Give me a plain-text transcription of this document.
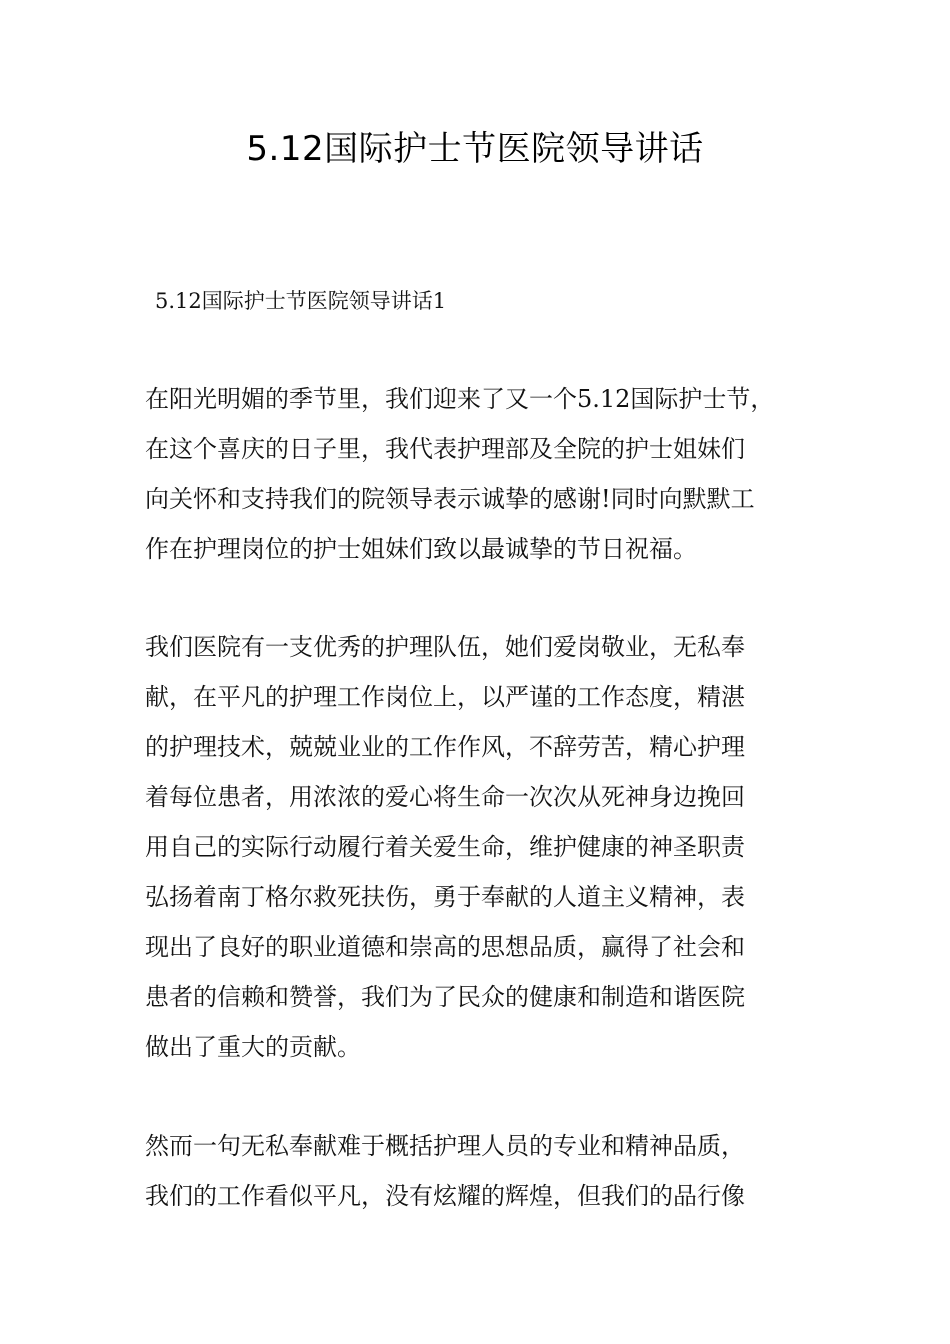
5.12国际护士节医院领导讲话
5.12国际护士节医院领导讲话1
在阳光明媚的季节里，我们迎来了又一个5.12国际护士节，
在这个喜庆的日子里，我代表护理部及全院的护士姐妹们
向关怀和支持我们的院领导表示诚挚的感谢!同时向默默工
作在护理岗位的护士姐妹们致以最诚挚的节日祝福。
我们医院有一支优秀的护理队伍，她们爱岗敬业，无私奉
献，在平凡的护理工作岗位上，以严谨的工作态度，精湛
的护理技术，兢兢业业的工作作风，不辞劳苦，精心护理
着每位患者，用浓浓的爱心将生命一次次从死神身边挽回
用自己的实际行动履行着关爱生命，维护健康的神圣职责
弘扬着南丁格尔救死扶伤，勇于奉献的人道主义精神，表
现出了良好的职业道德和崇高的思想品质，赢得了社会和
患者的信赖和赞誉，我们为了民众的健康和制造和谐医院
做出了重大的贡献。
然而一句无私奉献难于概括护理人员的专业和精神品质，
我们的工作看似平凡，没有炫耀的辉煌，但我们的品行像
